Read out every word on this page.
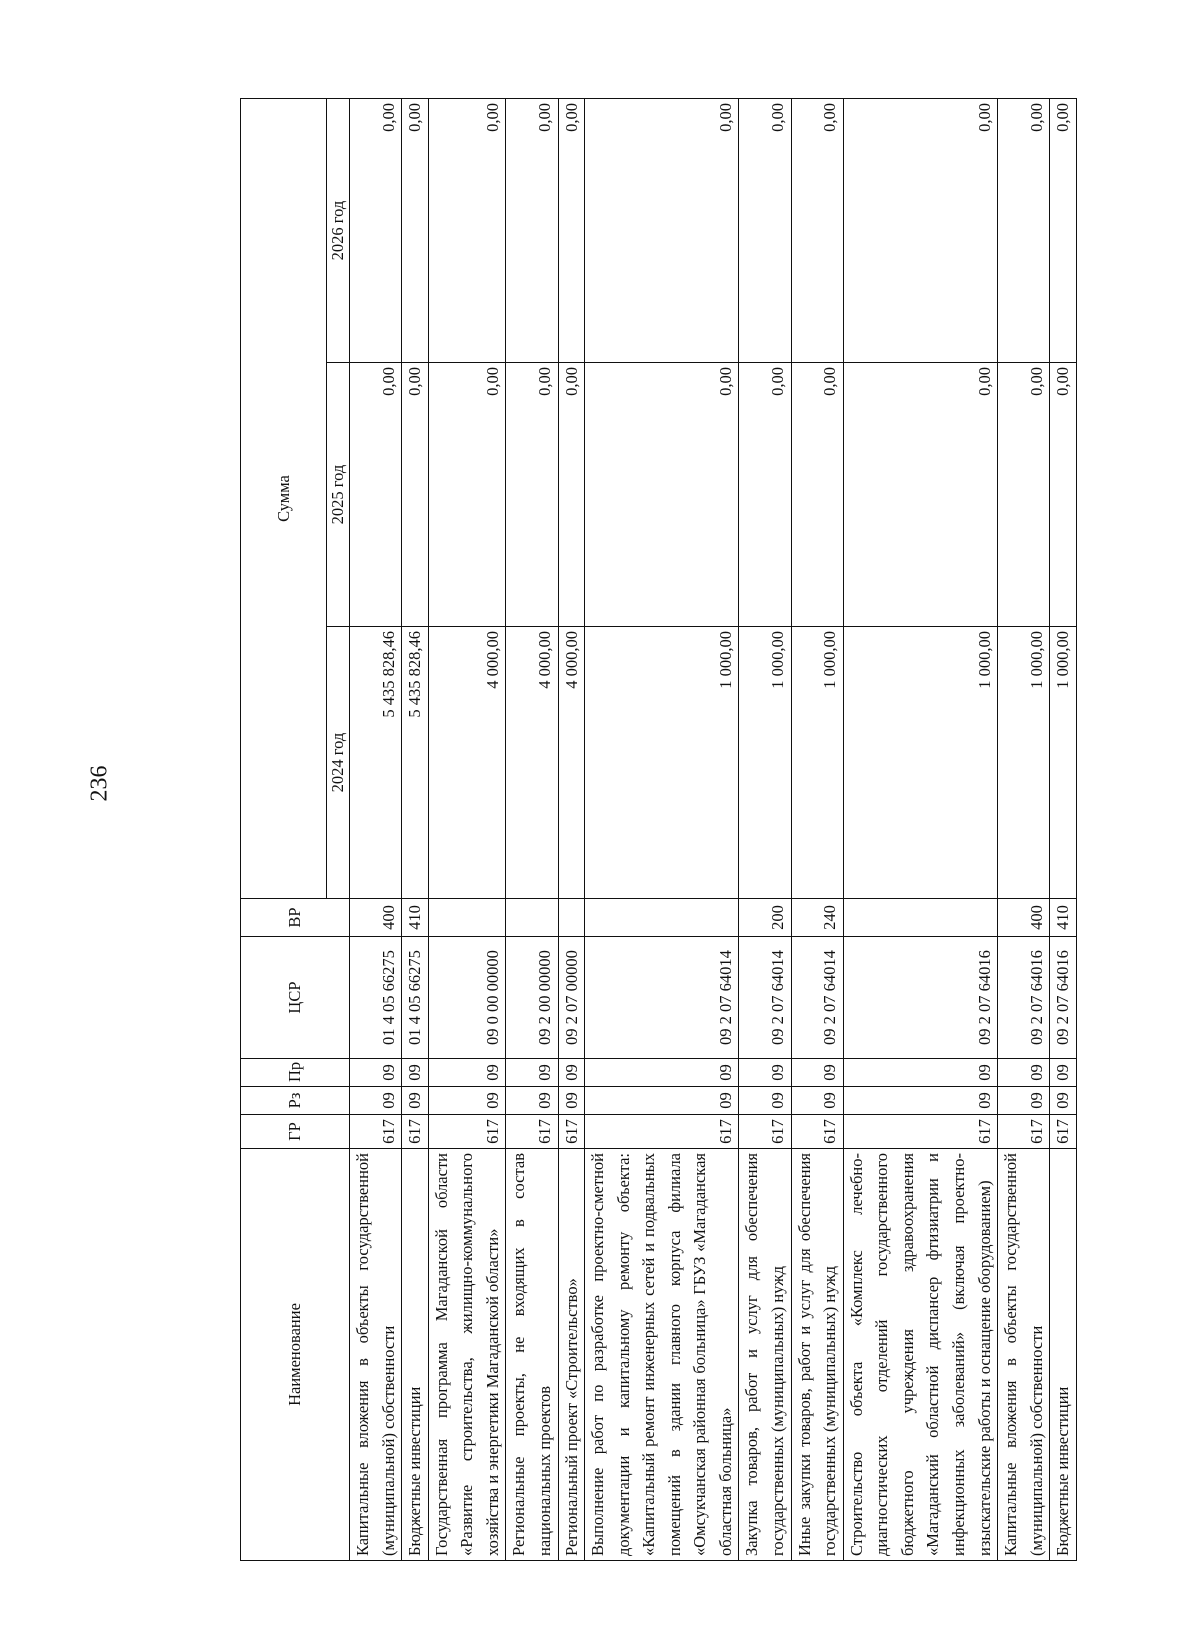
236
Наименование	ГР	Рз	Пр	ЦСР	ВР	Сумма		
						2024 год	2025 год	2026 год
Капитальные вложения в объекты государственной (муниципальной) собственности	617	09	09	01 4 05 66275	400	5 435 828,46	0,00	0,00
Бюджетные инвестиции	617	09	09	01 4 05 66275	410	5 435 828,46	0,00	0,00
Государственная программа Магаданской области «Развитие строительства, жилищно-коммунального хозяйства и энергетики Магаданской области»	617	09	09	09 0 00 00000		4 000,00	0,00	0,00
Региональные проекты, не входящих в состав национальных проектов	617	09	09	09 2 00 00000		4 000,00	0,00	0,00
Региональный проект «Строительство»	617	09	09	09 2 07 00000		4 000,00	0,00	0,00
Выполнение работ по разработке проектно-сметной документации и капитальному ремонту объекта: «Капитальный ремонт инженерных сетей и подвальных помещений в здании главного корпуса филиала «Омсукчанская районная больница» ГБУЗ «Магаданская областная больница»	617	09	09	09 2 07 64014		1 000,00	0,00	0,00
Закупка товаров, работ и услуг для обеспечения государственных (муниципальных) нужд	617	09	09	09 2 07 64014	200	1 000,00	0,00	0,00
Иные закупки товаров, работ и услуг для обеспечения государственных (муниципальных) нужд	617	09	09	09 2 07 64014	240	1 000,00	0,00	0,00
Строительство объекта «Комплекс лечебно-диагностических отделений государственного бюджетного учреждения здравоохранения «Магаданский областной диспансер фтизиатрии и инфекционных заболеваний» (включая проектно-изыскательские работы и оснащение оборудованием)	617	09	09	09 2 07 64016		1 000,00	0,00	0,00
Капитальные вложения в объекты государственной (муниципальной) собственности	617	09	09	09 2 07 64016	400	1 000,00	0,00	0,00
Бюджетные инвестиции	617	09	09	09 2 07 64016	410	1 000,00	0,00	0,00
